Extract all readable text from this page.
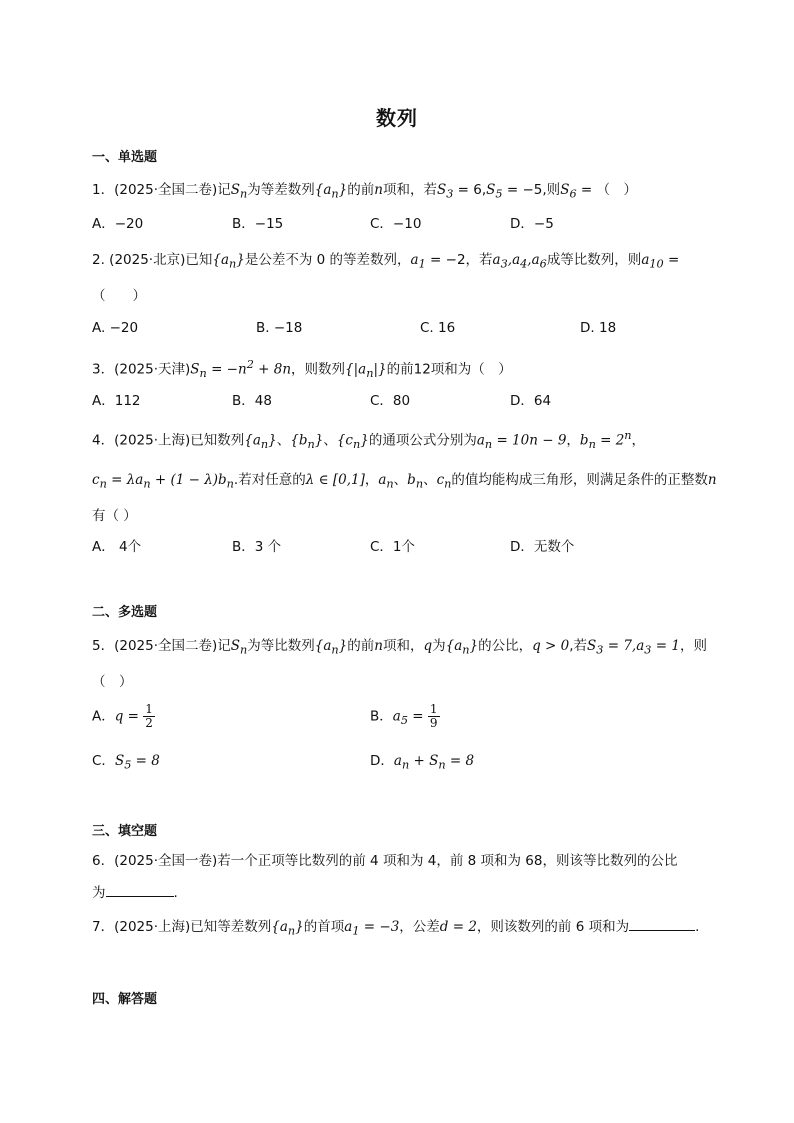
数列
一、单选题
1．(2025·全国二卷)记$S_n$为等差数列$\{a_n\}$的前n项和，若$S_3 = 6,S_5 = -5$,则$S_6$ = （　）
A．−20	B．−15	C．−10	D．−5
2. (2025·北京)已知$\{a_n\}$是公差不为 0 的等差数列，$a_1 = -2$，若$a_3,a_4,a_6$成等比数列，则$a_{10}$ =
（　　）
A. −20	B. −18	C. 16	D. 18
3．(2025·天津)$S_n = -n^2 + 8n$，则数列$\{|a_n|\}$的前12项和为（　）
A．112	B．48	C．80	D．64
4．(2025·上海)已知数列$\{a_n\}$、$\{b_n\}$、$\{c_n\}$的通项公式分别为$a_n = 10n - 9$，$b_n = 2^n$，
$c_n = \lambda a_n + (1 - \lambda)b_n$.若对任意的λ ∈ [0,1]，$a_n$、$b_n$、$c_n$的值均能构成三角形，则满足条件的正整数n
有（ ）
A． 4个	B．3 个	C．1个	D．无数个
二、多选题
5．(2025·全国二卷)记$S_n$为等比数列$\{a_n\}$的前n项和，q为$\{a_n\}$的公比，q > 0,若$S_3 = 7,a_3 = 1$，则
（　）
A．$q = \frac{1}{2}$	B．$a_5 = \frac{1}{9}$
C．$S_5 = 8$	D．$a_n + S_n = 8$
三、填空题
6．(2025·全国一卷)若一个正项等比数列的前 4 项和为 4，前 8 项和为 68，则该等比数列的公比
为	.
7．(2025·上海)已知等差数列$\{a_n\}$的首项$a_1 = -3$，公差d = 2，则该数列的前 6 项和为	.
四、解答题
